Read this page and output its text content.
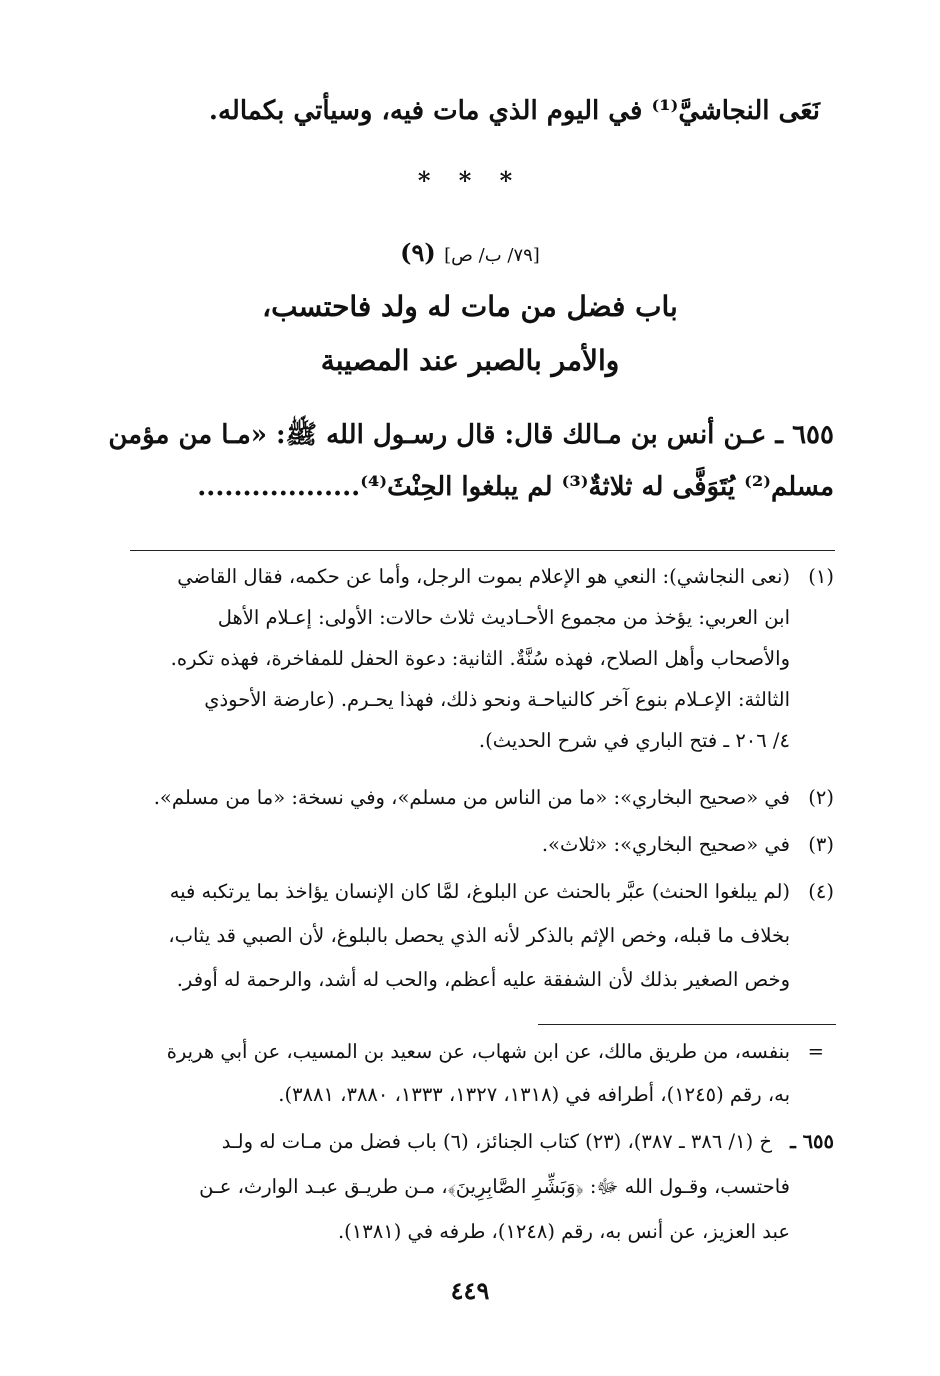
نَعَى النجاشيَّ⁽¹⁾ في اليوم الذي مات فيه، وسيأتي بكماله.
* * *
[٧٩/ ب/ ص] (٩)
باب فضل من مات له ولد فاحتسب،
والأمر بالصبر عند المصيبة
٦٥٥ ـ عـن أنس بن مـالك قال: قال رسـول الله ﷺ: «مـا من مؤمن
مسلم⁽²⁾ يُتَوَفَّى له ثلاثةٌ⁽³⁾ لم يبلغوا الحِنْثَ⁽⁴⁾..................
(١)
(نعى النجاشي): النعي هو الإعلام بموت الرجل، وأما عن حكمه، فقال القاضي
ابن العربي: يؤخذ من مجموع الأحـاديث ثلاث حالات: الأولى: إعـلام الأهل
والأصحاب وأهل الصلاح، فهذه سُنَّةٌ. الثانية: دعوة الحفل للمفاخرة، فهذه تكره.
الثالثة: الإعـلام بنوع آخر كالنياحـة ونحو ذلك، فهذا يحـرم. (عارضة الأحوذي
٤/ ٢٠٦ ـ فتح الباري في شرح الحديث).
(٢)
في «صحيح البخاري»: «ما من الناس من مسلم»، وفي نسخة: «ما من مسلم».
(٣)
في «صحيح البخاري»: «ثلاث».
(٤)
(لم يبلغوا الحنث) عبَّر بالحنث عن البلوغ، لمَّا كان الإنسان يؤاخذ بما يرتكبه فيه
بخلاف ما قبله، وخص الإثم بالذكر لأنه الذي يحصل بالبلوغ، لأن الصبي قد يثاب،
وخص الصغير بذلك لأن الشفقة عليه أعظم، والحب له أشد، والرحمة له أوفر.
=
بنفسه، من طريق مالك، عن ابن شهاب، عن سعيد بن المسيب، عن أبي هريرة
به، رقم (١٢٤٥)، أطرافه في (١٣١٨، ١٣٢٧، ١٣٣٣، ٣٨٨٠، ٣٨٨١).
٦٥٥ ـ
خ (١/ ٣٨٦ ـ ٣٨٧)، (٢٣) كتاب الجنائز، (٦) باب فضل من مـات له ولـد
فاحتسب، وقـول الله ﷻ: ﴿وَبَشِّرِ الصَّابِرِينَ﴾، مـن طريـق عبـد الوارث، عـن
عبد العزيز، عن أنس به، رقم (١٢٤٨)، طرفه في (١٣٨١).
٤٤٩
